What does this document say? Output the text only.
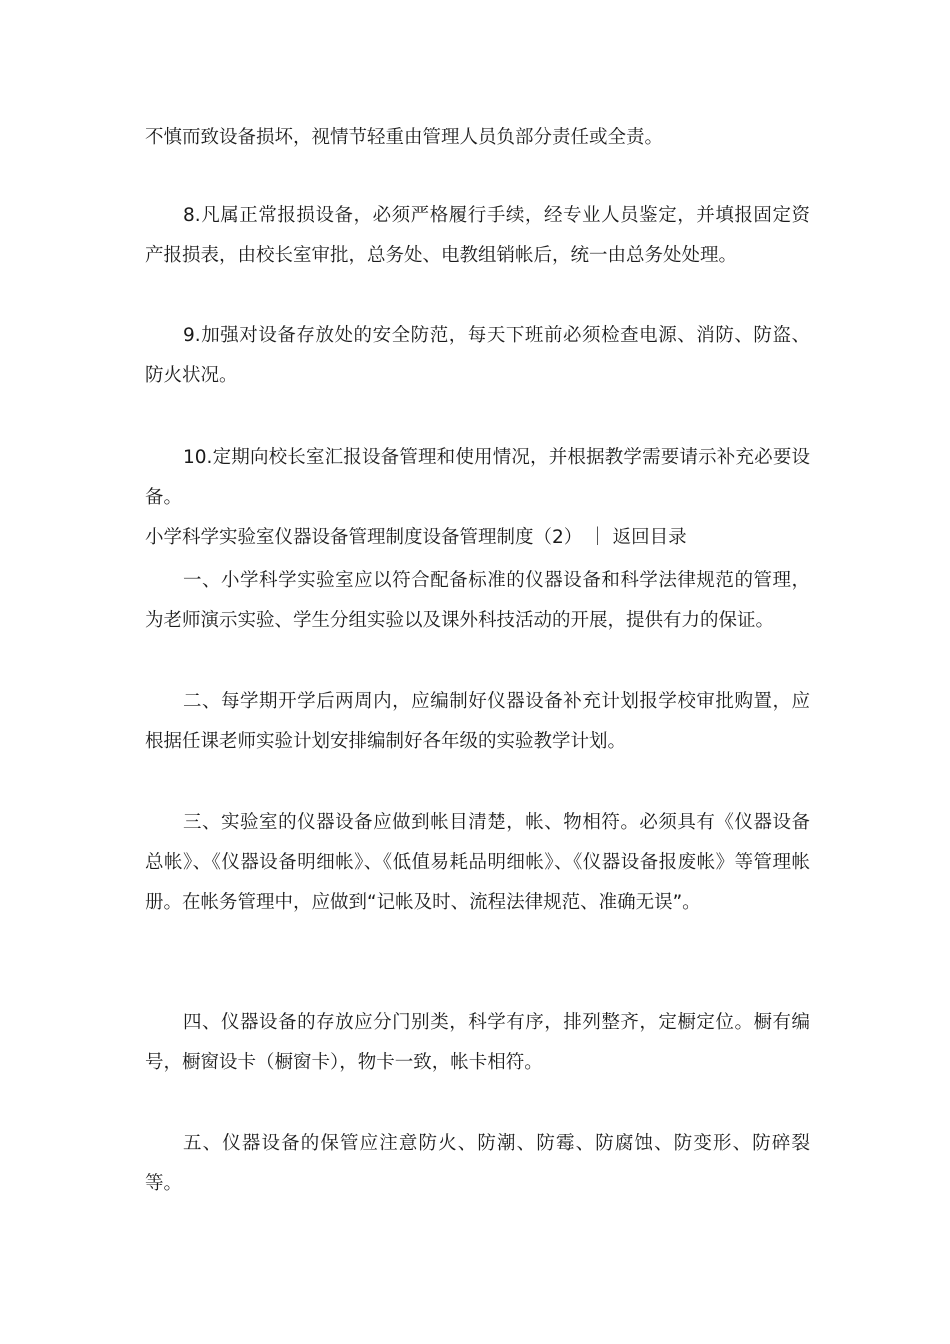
不慎而致设备损坏，视情节轻重由管理人员负部分责任或全责。

8.凡属正常报损设备，必须严格履行手续，经专业人员鉴定，并填报固定资产报损表，由校长室审批，总务处、电教组销帐后，统一由总务处处理。

9.加强对设备存放处的安全防范，每天下班前必须检查电源、消防、防盗、防火状况。

10.定期向校长室汇报设备管理和使用情况，并根据教学需要请示补充必要设备。

小学科学实验室仪器设备管理制度设备管理制度（2） ｜ 返回目录

一、小学科学实验室应以符合配备标准的仪器设备和科学法律规范的管理，为老师演示实验、学生分组实验以及课外科技活动的开展，提供有力的保证。

二、每学期开学后两周内，应编制好仪器设备补充计划报学校审批购置，应根据任课老师实验计划安排编制好各年级的实验教学计划。

三、实验室的仪器设备应做到帐目清楚，帐、物相符。必须具有《仪器设备总帐》、《仪器设备明细帐》、《低值易耗品明细帐》、《仪器设备报废帐》等管理帐册。在帐务管理中，应做到“记帐及时、流程法律规范、准确无误”。

四、仪器设备的存放应分门别类，科学有序，排列整齐，定橱定位。橱有编号，橱窗设卡（橱窗卡），物卡一致，帐卡相符。

五、仪器设备的保管应注意防火、防潮、防霉、防腐蚀、防变形、防碎裂等。
